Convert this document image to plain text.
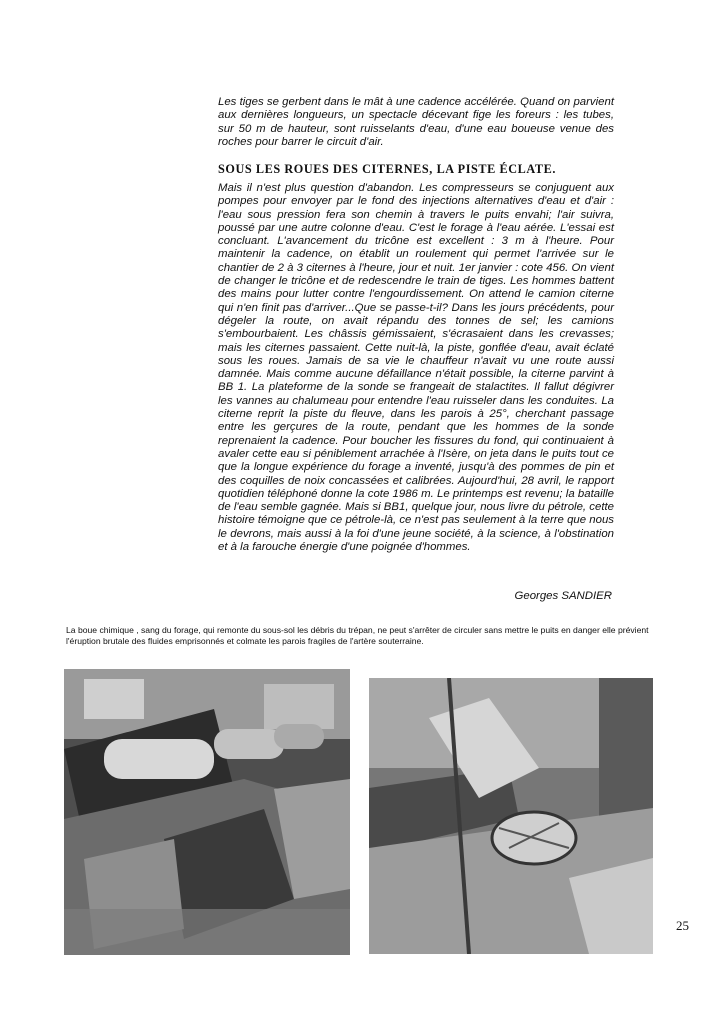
Les tiges se gerbent dans le mât à une cadence accélérée. Quand on parvient aux dernières longueurs, un spectacle décevant fige les foreurs : les tubes, sur 50 m de hauteur, sont ruisselants d'eau, d'une eau boueuse venue des roches pour barrer le circuit d'air.

SOUS LES ROUES DES CITERNES, LA PISTE ÉCLATE.

Mais il n'est plus question d'abandon. Les compresseurs se conjuguent aux pompes pour envoyer par le fond des injections alternatives d'eau et d'air : l'eau sous pression fera son chemin à travers le puits envahi; l'air suivra, poussé par une autre colonne d'eau. C'est le forage à l'eau aérée. L'essai est concluant. L'avancement du tricône est excellent : 3 m à l'heure. Pour maintenir la cadence, on établit un roulement qui permet l'arrivée sur le chantier de 2 à 3 citernes à l'heure, jour et nuit. 1er janvier : cote 456. On vient de changer le tricône et de redescendre le train de tiges. Les hommes battent des mains pour lutter contre l'engourdissement. On attend le camion citerne qui n'en finit pas d'arriver...Que se passe-t-il? Dans les jours précédents, pour dégeler la route, on avait répandu des tonnes de sel; les camions s'embourbaient. Les châssis gémissaient, s'écrasaient dans les crevasses; mais les citernes passaient. Cette nuit-là, la piste, gonflée d'eau, avait éclaté sous les roues. Jamais de sa vie le chauffeur n'avait vu une route aussi damnée. Mais comme aucune défaillance n'était possible, la citerne parvint à BB 1. La plateforme de la sonde se frangeait de stalactites. Il fallut dégivrer les vannes au chalumeau pour entendre l'eau ruisseler dans les conduites. La citerne reprit la piste du fleuve, dans les parois à 25°, cherchant passage entre les gerçures de la route, pendant que les hommes de la sonde reprenaient la cadence. Pour boucher les fissures du fond, qui continuaient à avaler cette eau si péniblement arrachée à l'Isère, on jeta dans le puits tout ce que la longue expérience du forage a inventé, jusqu'à des pommes de pin et des coquilles de noix concassées et calibrées. Aujourd'hui, 28 avril, le rapport quotidien téléphoné donne la cote 1986 m. Le printemps est revenu; la bataille de l'eau semble gagnée. Mais si BB1, quelque jour, nous livre du pétrole, cette histoire témoigne que ce pétrole-là, ce n'est pas seulement à la terre que nous le devrons, mais aussi à la foi d'une jeune société, à la science, à l'obstination et à la farouche énergie d'une poignée d'hommes.

Georges SANDIER

La boue chimique , sang du forage, qui remonte du sous-sol les débris du trépan, ne peut s'arrêter de circuler sans mettre le puits en danger elle prévient l'éruption brutale des fluides emprisonnés et colmate les parois fragiles de l'artère souterraine.

25
